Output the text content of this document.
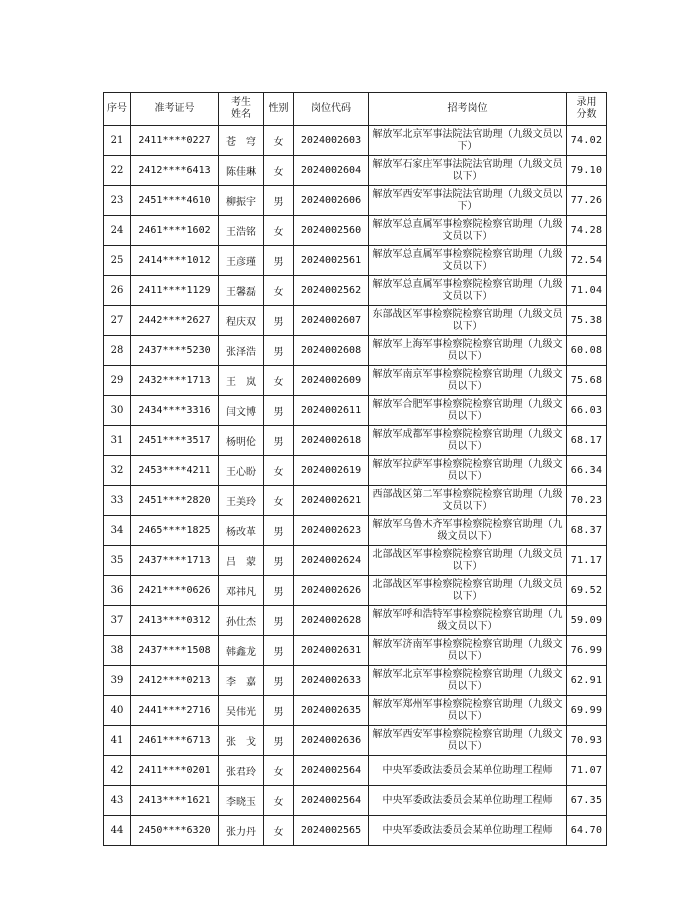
序号	准考证号	考生姓名	性别	岗位代码	招考岗位	录用分数
21	2411****0227	苍　穹	女	2024002603	解放军北京军事法院法官助理（九级文员以下）	74.02
22	2412****6413	陈佳琳	女	2024002604	解放军石家庄军事法院法官助理（九级文员以下）	79.10
23	2451****4610	柳振宇	男	2024002606	解放军西安军事法院法官助理（九级文员以下）	77.26
24	2461****1602	王浩铭	女	2024002560	解放军总直属军事检察院检察官助理（九级文员以下）	74.28
25	2414****1012	王彦瑾	男	2024002561	解放军总直属军事检察院检察官助理（九级文员以下）	72.54
26	2411****1129	王馨磊	女	2024002562	解放军总直属军事检察院检察官助理（九级文员以下）	71.04
27	2442****2627	程庆双	男	2024002607	东部战区军事检察院检察官助理（九级文员以下）	75.38
28	2437****5230	张泽浩	男	2024002608	解放军上海军事检察院检察官助理（九级文员以下）	60.08
29	2432****1713	王　岚	女	2024002609	解放军南京军事检察院检察官助理（九级文员以下）	75.68
30	2434****3316	闫文博	男	2024002611	解放军合肥军事检察院检察官助理（九级文员以下）	66.03
31	2451****3517	杨明伦	男	2024002618	解放军成都军事检察院检察官助理（九级文员以下）	68.17
32	2453****4211	王心盼	女	2024002619	解放军拉萨军事检察院检察官助理（九级文员以下）	66.34
33	2451****2820	王美玲	女	2024002621	西部战区第二军事检察院检察官助理（九级文员以下）	70.23
34	2465****1825	杨改革	男	2024002623	解放军乌鲁木齐军事检察院检察官助理（九级文员以下）	68.37
35	2437****1713	吕　蒙	男	2024002624	北部战区军事检察院检察官助理（九级文员以下）	71.17
36	2421****0626	邓祎凡	男	2024002626	北部战区军事检察院检察官助理（九级文员以下）	69.52
37	2413****0312	孙仕杰	男	2024002628	解放军呼和浩特军事检察院检察官助理（九级文员以下）	59.09
38	2437****1508	韩鑫龙	男	2024002631	解放军济南军事检察院检察官助理（九级文员以下）	76.99
39	2412****0213	李　嘉	男	2024002633	解放军北京军事检察院检察官助理（九级文员以下）	62.91
40	2441****2716	吴伟光	男	2024002635	解放军郑州军事检察院检察官助理（九级文员以下）	69.99
41	2461****6713	张　戈	男	2024002636	解放军西安军事检察院检察官助理（九级文员以下）	70.93
42	2411****0201	张君玲	女	2024002564	中央军委政法委员会某单位助理工程师	71.07
43	2413****1621	李晓玉	女	2024002564	中央军委政法委员会某单位助理工程师	67.35
44	2450****6320	张力丹	女	2024002565	中央军委政法委员会某单位助理工程师	64.70
